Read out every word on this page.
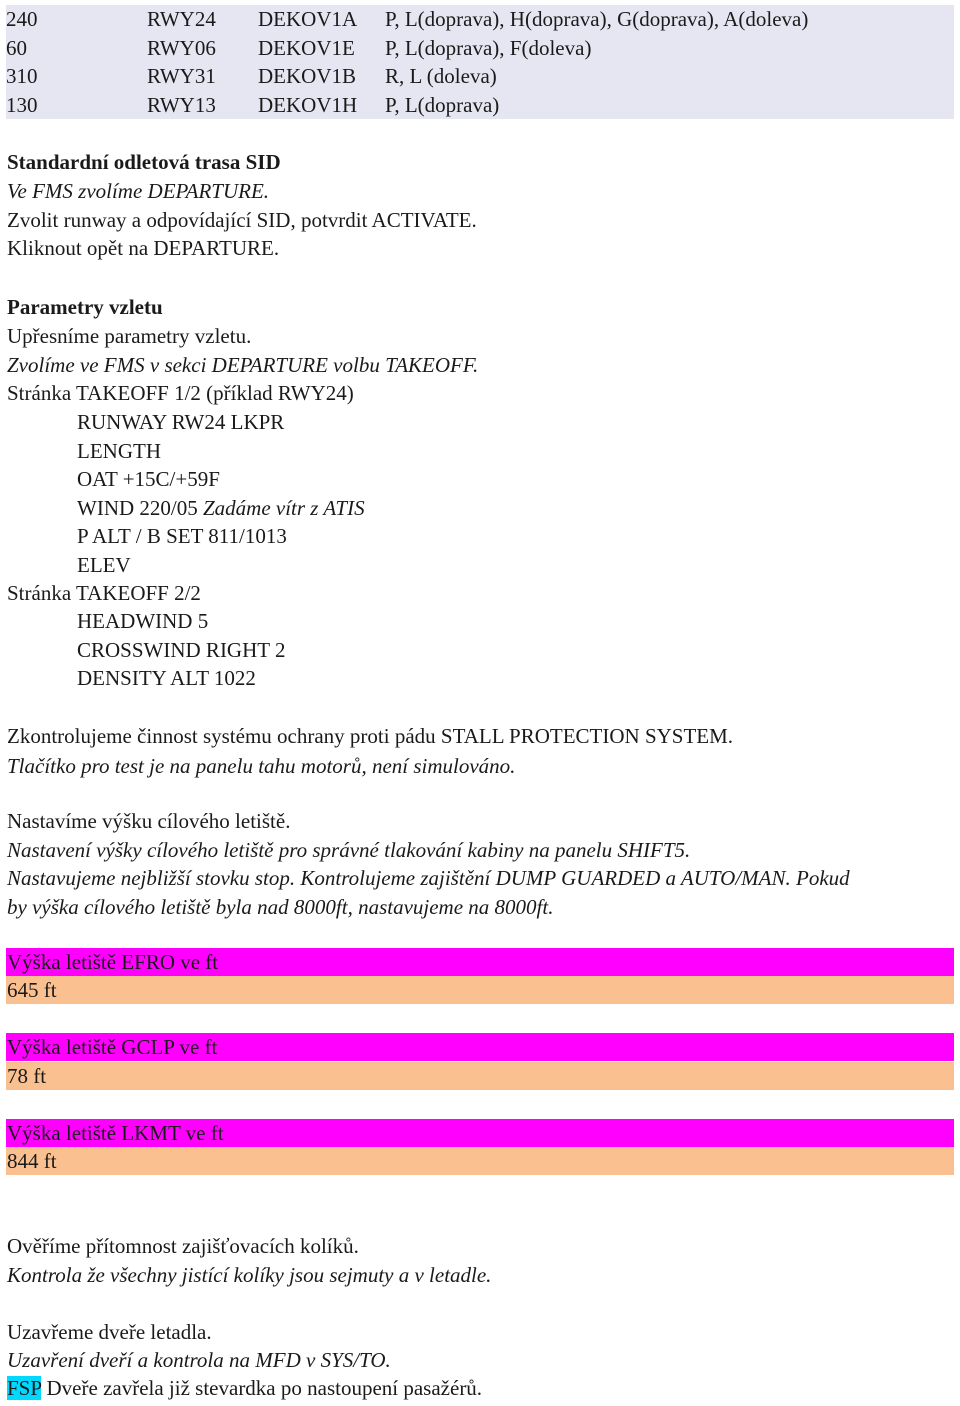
240	RWY24 DEKOV1A P, L(doprava), H(doprava), G(doprava), A(doleva)
60	RWY06 DEKOV1E P, L(doprava), F(doleva)
310	RWY31 DEKOV1B R, L (doleva)
130	RWY13 DEKOV1H P, L(doprava)
Standardní odletová trasa SID
Ve FMS zvolíme DEPARTURE.
Zvolit runway a odpovídající SID, potvrdit ACTIVATE.
Kliknout opět na DEPARTURE.
Parametry vzletu
Upřesníme parametry vzletu.
Zvolíme ve FMS v sekci DEPARTURE volbu TAKEOFF.
Stránka TAKEOFF 1/2 (příklad RWY24)
RUNWAY RW24 LKPR
LENGTH
OAT +15C/+59F
WIND 220/05 Zadáme vítr z ATIS
P ALT / B SET 811/1013
ELEV
Stránka TAKEOFF 2/2
HEADWIND 5
CROSSWIND RIGHT 2
DENSITY ALT 1022
Zkontrolujeme činnost systému ochrany proti pádu STALL PROTECTION SYSTEM.
Tlačítko pro test je na panelu tahu motorů, není simulováno.
Nastavíme výšku cílového letiště.
Nastavení výšky cílového letiště pro správné tlakování kabiny na panelu SHIFT5.
Nastavujeme nejbližší stovku stop. Kontrolujeme zajištění DUMP GUARDED a AUTO/MAN. Pokud
by výška cílového letiště byla nad 8000ft, nastavujeme na 8000ft.
Výška letiště EFRO ve ft
645 ft
Výška letiště GCLP ve ft
78 ft
Výška letiště LKMT ve ft
844 ft
Ověříme přítomnost zajišťovacích kolíků.
Kontrola že všechny jistící kolíky jsou sejmuty a v letadle.
Uzavřeme dveře letadla.
Uzavření dveří a kontrola na MFD v SYS/TO.
FSP Dveře zavřela již stevardka po nastoupení pasažérů.
